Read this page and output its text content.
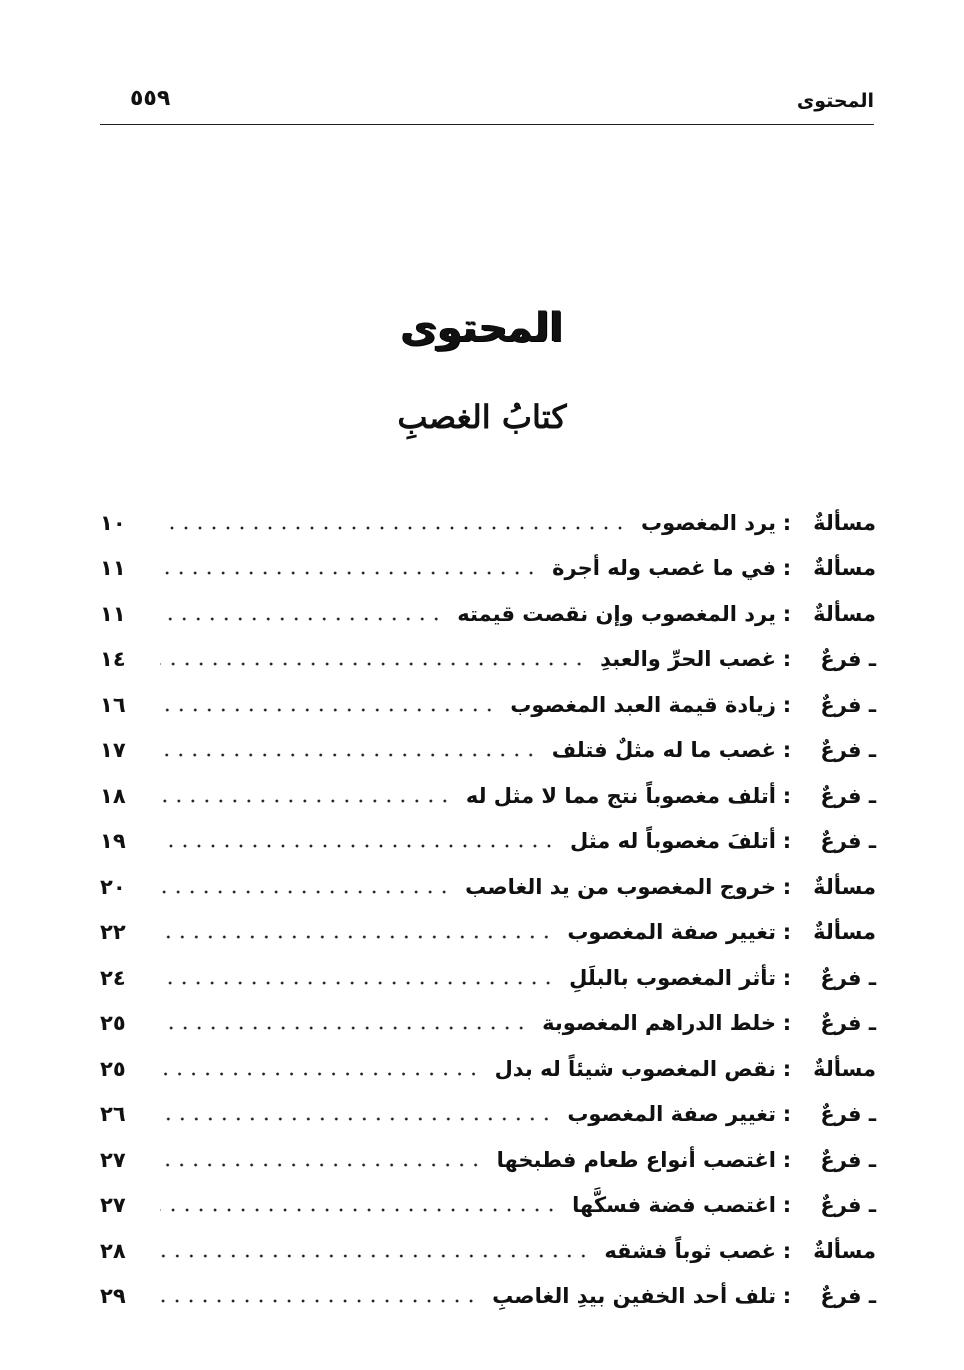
المحتوى
٥٥٩
المحتوى
كتابُ الغصبِ
مسألةٌ
:
يرد المغصوب
١٠
مسألةٌ
:
في ما غصب وله أجرة
١١
مسألةٌ
:
يرد المغصوب وإن نقصت قيمته
١١
ـ فرعٌ
:
غصب الحرِّ والعبدِ
١٤
ـ فرعٌ
:
زيادة قيمة العبد المغصوب
١٦
ـ فرعٌ
:
غصب ما له مثلٌ فتلف
١٧
ـ فرعٌ
:
أتلف مغصوباً نتج مما لا مثل له
١٨
ـ فرعٌ
:
أتلفَ مغصوباً له مثل
١٩
مسألةٌ
:
خروج المغصوب من يد الغاصب
٢٠
مسألةٌ
:
تغيير صفة المغصوب
٢٢
ـ فرعٌ
:
تأثر المغصوب بالبلَلِ
٢٤
ـ فرعٌ
:
خلط الدراهم المغصوبة
٢٥
مسألةٌ
:
نقص المغصوب شيئاً له بدل
٢٥
ـ فرعٌ
:
تغيير صفة المغصوب
٢٦
ـ فرعٌ
:
اغتصب أنواع طعام فطبخها
٢٧
ـ فرعٌ
:
اغتصب فضة فسكَّها
٢٧
مسألةٌ
:
غصب ثوباً فشقه
٢٨
ـ فرعٌ
:
تلف أحد الخفين بيدِ الغاصبِ
٢٩
